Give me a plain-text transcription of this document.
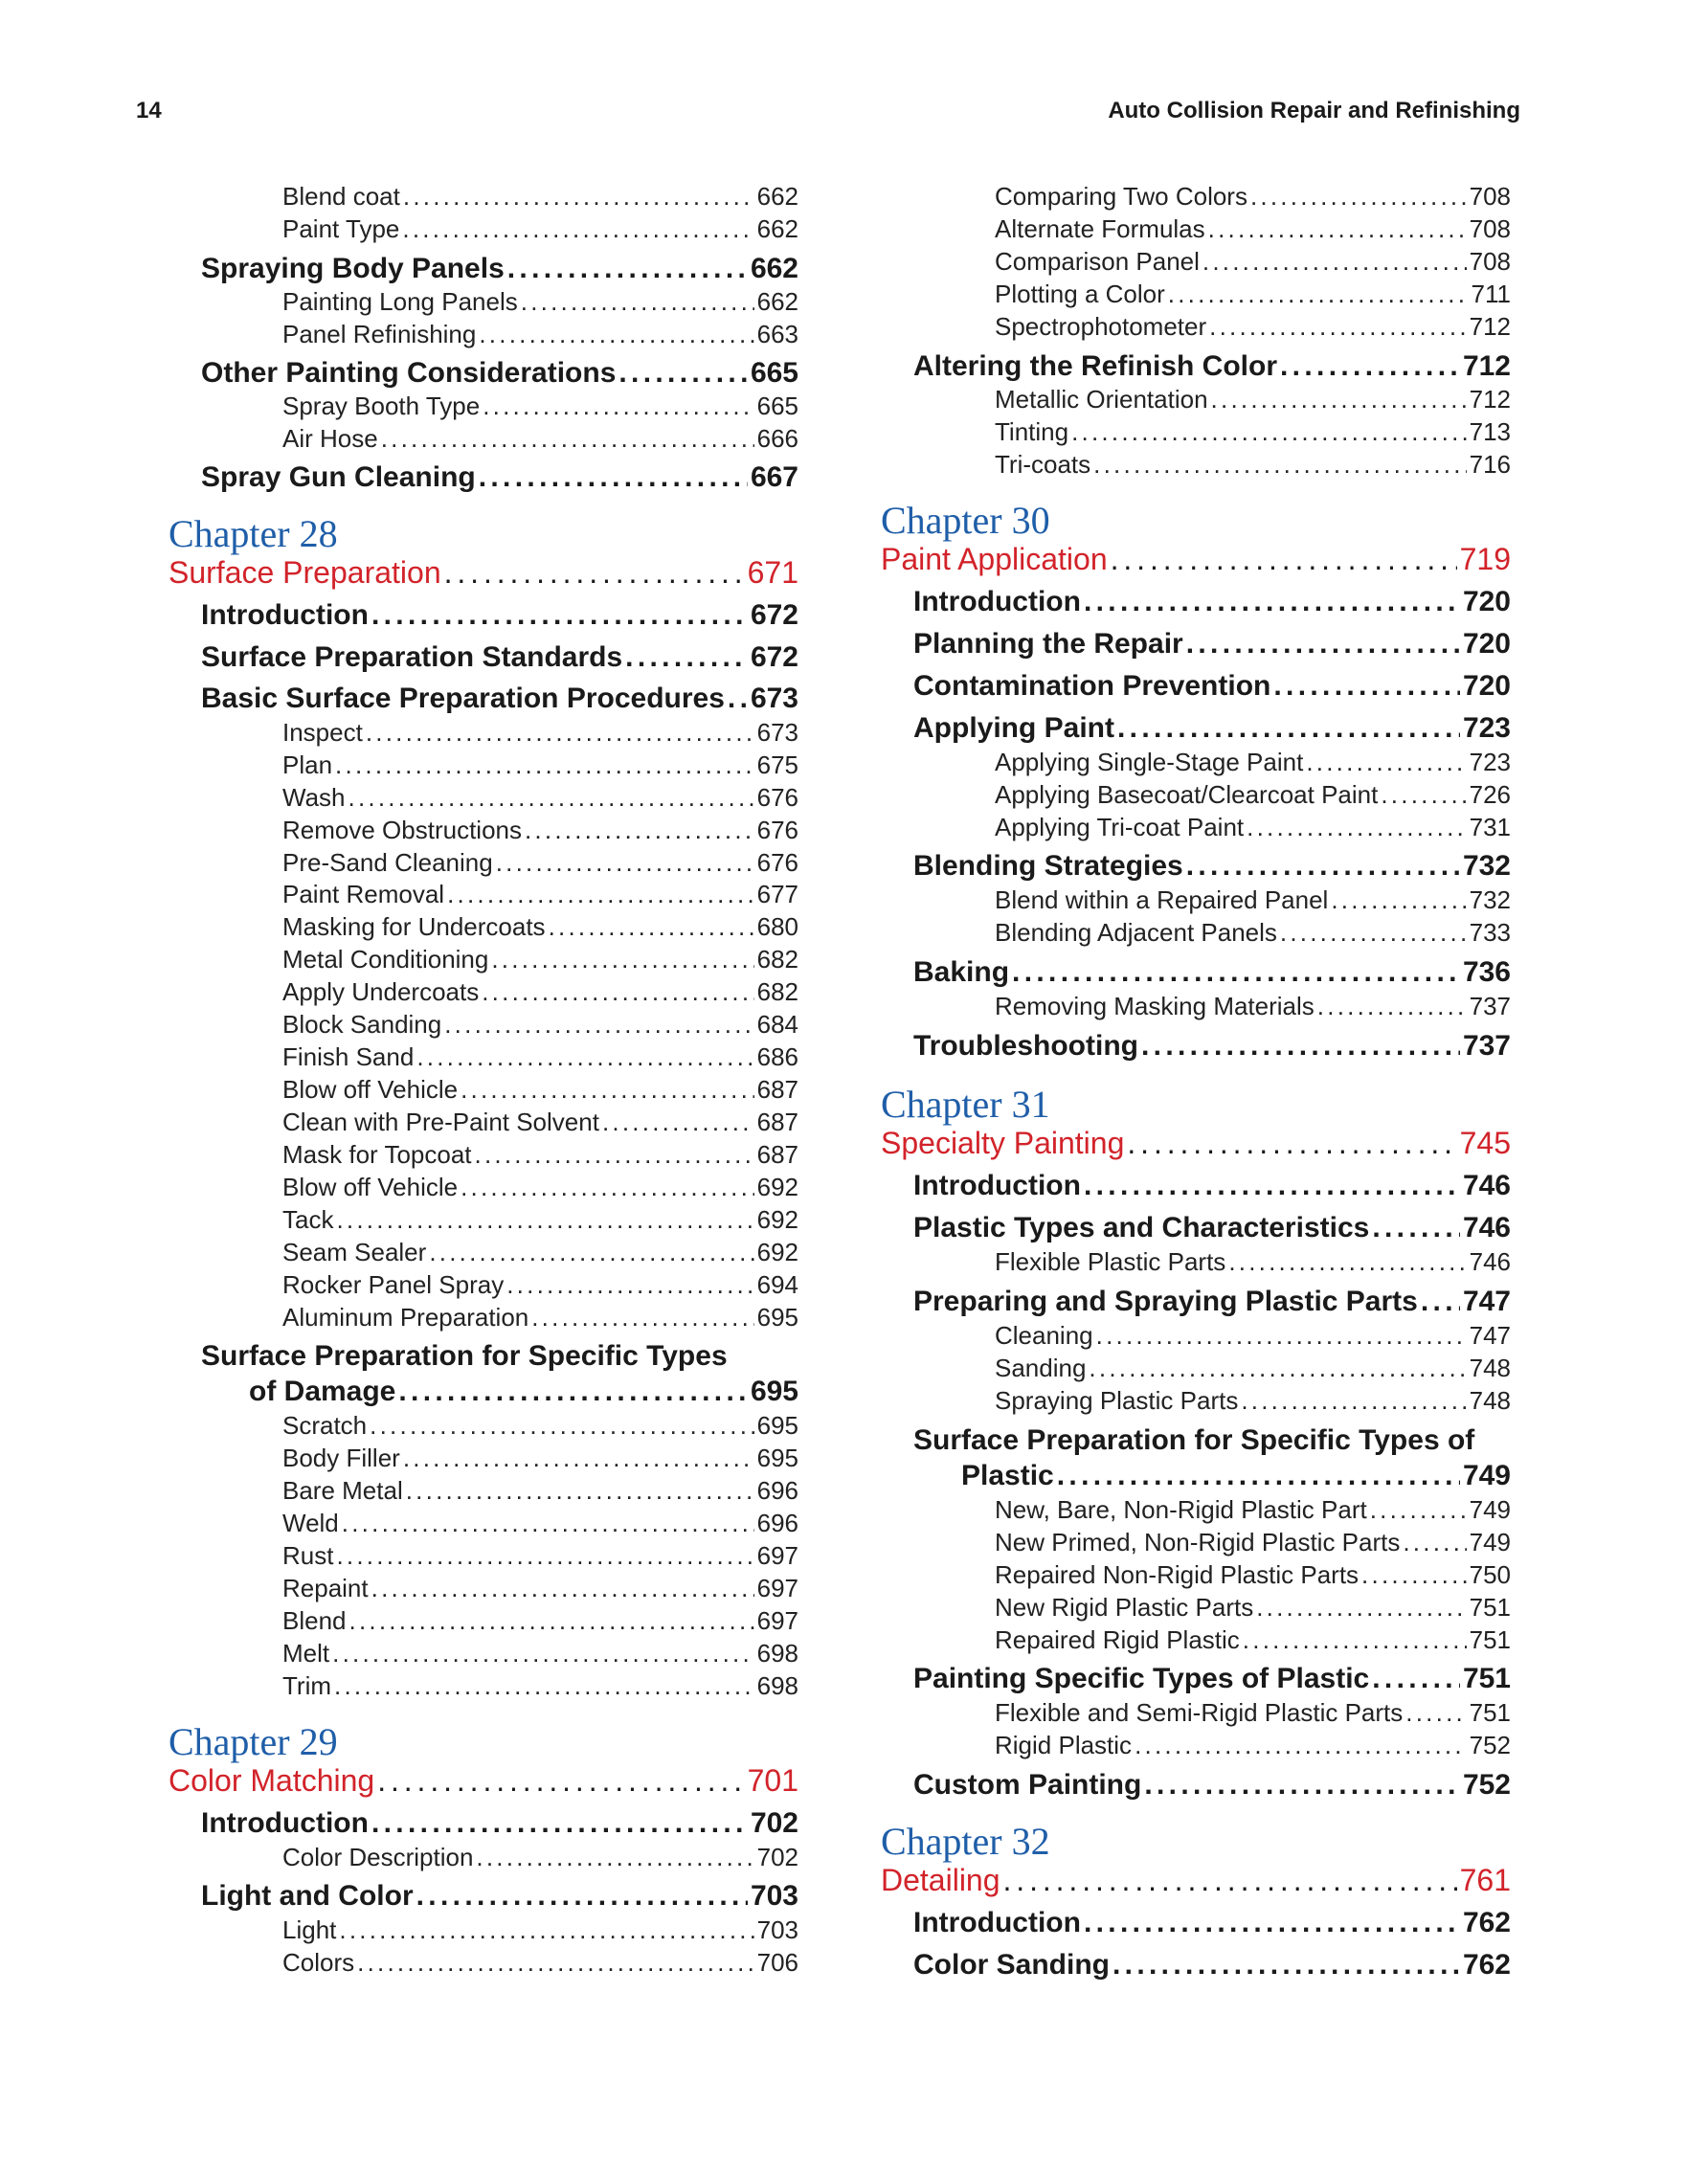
14	Auto Collision Repair and Refinishing
Blend coat . . .	662
Paint Type . . .	662
Spraying Body Panels . . .	662
Painting Long Panels . . .	662
Panel Refinishing . . .	663
Other Painting Considerations . . .	665
Spray Booth Type . . .	665
Air Hose . . .	666
Spray Gun Cleaning . . .	667
Chapter 28
Surface Preparation . . .	671
Introduction . . .	672
Surface Preparation Standards . . .	672
Basic Surface Preparation Procedures . . . 673
Inspect . . .	673
Plan . . .	675
Wash . . .	676
Remove Obstructions . . .	676
Pre-Sand Cleaning . . .	676
Paint Removal . . .	677
Masking for Undercoats . . .	680
Metal Conditioning . . .	682
Apply Undercoats . . .	682
Block Sanding . . .	684
Finish Sand . . .	686
Blow off Vehicle . . .	687
Clean with Pre-Paint Solvent . . .	687
Mask for Topcoat . . .	687
Blow off Vehicle . . .	692
Tack . . .	692
Seam Sealer . . .	692
Rocker Panel Spray . . .	694
Aluminum Preparation . . .	695
Surface Preparation for Specific Types
of Damage . . .	695
Scratch . . .	695
Body Filler . . .	695
Bare Metal . . .	696
Weld . . .	696
Rust . . .	697
Repaint . . .	697
Blend . . .	697
Melt . . .	698
Trim . . .	698
Chapter 29
Color Matching . . .	701
Introduction . . .	702
Color Description . . .	702
Light and Color . . .	703
Light . . .	703
Colors . . .	706
Comparing Two Colors . . .	708
Alternate Formulas . . .	708
Comparison Panel . . .	708
Plotting a Color . . .	711
Spectrophotometer . . .	712
Altering the Refinish Color . . .	712
Metallic Orientation . . .	712
Tinting . . .	713
Tri-coats . . .	716
Chapter 30
Paint Application . . .	719
Introduction . . .	720
Planning the Repair . . .	720
Contamination Prevention . . .	720
Applying Paint . . .	723
Applying Single-Stage Paint . . .	723
Applying Basecoat/Clearcoat Paint . . .	726
Applying Tri-coat Paint . . .	731
Blending Strategies . . .	732
Blend within a Repaired Panel . . .	732
Blending Adjacent Panels . . .	733
Baking . . .	736
Removing Masking Materials . . .	737
Troubleshooting . . .	737
Chapter 31
Specialty Painting . . .	745
Introduction . . .	746
Plastic Types and Characteristics . . .	746
Flexible Plastic Parts . . .	746
Preparing and Spraying Plastic Parts . . . 747
Cleaning . . .	747
Sanding . . .	748
Spraying Plastic Parts . . .	748
Surface Preparation for Specific Types of
Plastic . . .	749
New, Bare, Non-Rigid Plastic Part . . .	749
New Primed, Non-Rigid Plastic Parts . . .	749
Repaired Non-Rigid Plastic Parts . . .	750
New Rigid Plastic Parts . . .	751
Repaired Rigid Plastic . . .	751
Painting Specific Types of Plastic . . .	751
Flexible and Semi-Rigid Plastic Parts . . .	751
Rigid Plastic . . .	752
Custom Painting . . .	752
Chapter 32
Detailing . . .	761
Introduction . . .	762
Color Sanding . . .	762
